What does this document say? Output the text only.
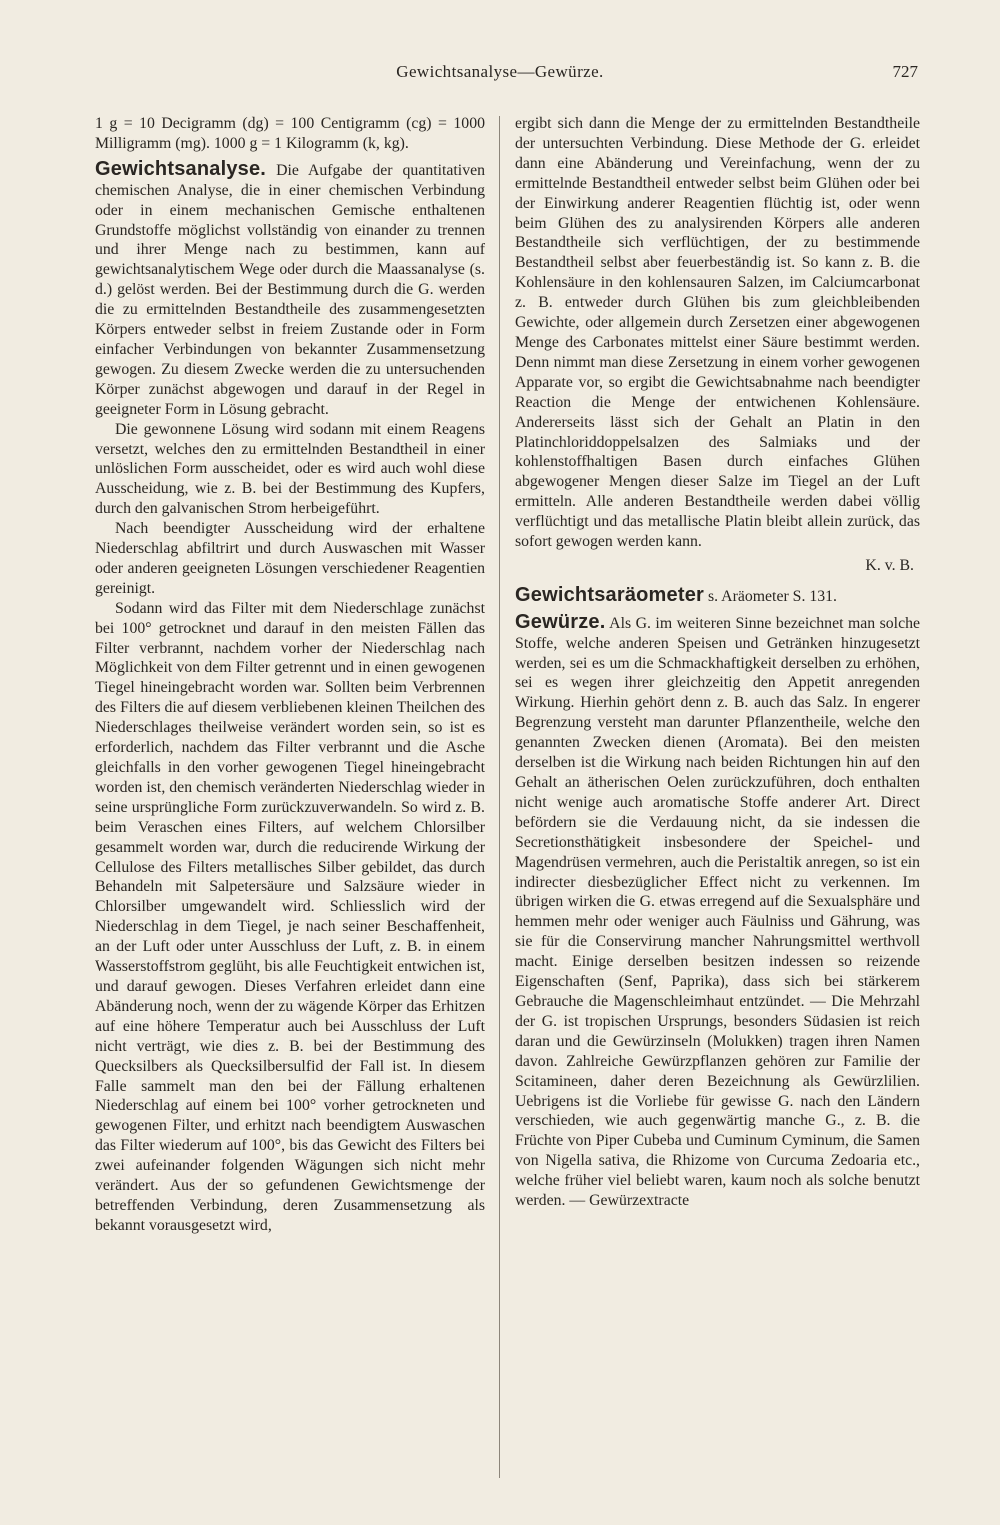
Gewichtsanalyse—Gewürze.	727

1 g = 10 Decigramm (dg) = 100 Centigramm (cg) = 1000 Milligramm (mg). 1000 g = 1 Kilogramm (k, kg).

Gewichtsanalyse. Die Aufgabe der quantitativen chemischen Analyse, die in einer chemischen Verbindung oder in einem mechanischen Gemische enthaltenen Grundstoffe möglichst vollständig von einander zu trennen und ihrer Menge nach zu bestimmen, kann auf gewichtsanalytischem Wege oder durch die Maassanalyse (s. d.) gelöst werden. Bei der Bestimmung durch die G. werden die zu ermittelnden Bestandtheile des zusammengesetzten Körpers entweder selbst in freiem Zustande oder in Form einfacher Verbindungen von bekannter Zusammensetzung gewogen. Zu diesem Zwecke werden die zu untersuchenden Körper zunächst abgewogen und darauf in der Regel in geeigneter Form in Lösung gebracht.

Die gewonnene Lösung wird sodann mit einem Reagens versetzt, welches den zu ermittelnden Bestandtheil in einer unlöslichen Form ausscheidet, oder es wird auch wohl diese Ausscheidung, wie z. B. bei der Bestimmung des Kupfers, durch den galvanischen Strom herbeigeführt.

Nach beendigter Ausscheidung wird der erhaltene Niederschlag abfiltrirt und durch Auswaschen mit Wasser oder anderen geeigneten Lösungen verschiedener Reagentien gereinigt.

Sodann wird das Filter mit dem Niederschlage zunächst bei 100° getrocknet und darauf in den meisten Fällen das Filter verbrannt, nachdem vorher der Niederschlag nach Möglichkeit von dem Filter getrennt und in einen gewogenen Tiegel hineingebracht worden war. Sollten beim Verbrennen des Filters die auf diesem verbliebenen kleinen Theilchen des Niederschlages theilweise verändert worden sein, so ist es erforderlich, nachdem das Filter verbrannt und die Asche gleichfalls in den vorher gewogenen Tiegel hineingebracht worden ist, den chemisch veränderten Niederschlag wieder in seine ursprüngliche Form zurückzuverwandeln. So wird z. B. beim Veraschen eines Filters, auf welchem Chlorsilber gesammelt worden war, durch die reducirende Wirkung der Cellulose des Filters metallisches Silber gebildet, das durch Behandeln mit Salpetersäure und Salzsäure wieder in Chlorsilber umgewandelt wird. Schliesslich wird der Niederschlag in dem Tiegel, je nach seiner Beschaffenheit, an der Luft oder unter Ausschluss der Luft, z. B. in einem Wasserstoffstrom geglüht, bis alle Feuchtigkeit entwichen ist, und darauf gewogen. Dieses Verfahren erleidet dann eine Abänderung noch, wenn der zu wägende Körper das Erhitzen auf eine höhere Temperatur auch bei Ausschluss der Luft nicht verträgt, wie dies z. B. bei der Bestimmung des Quecksilbers als Quecksilbersulfid der Fall ist. In diesem Falle sammelt man den bei der Fällung erhaltenen Niederschlag auf einem bei 100° vorher getrockneten und gewogenen Filter, und erhitzt nach beendigtem Auswaschen das Filter wiederum auf 100°, bis das Gewicht des Filters bei zwei aufeinander folgenden Wägungen sich nicht mehr verändert. Aus der so gefundenen Gewichtsmenge der betreffenden Verbindung, deren Zusammensetzung als bekannt vorausgesetzt wird,

ergibt sich dann die Menge der zu ermittelnden Bestandtheile der untersuchten Verbindung. Diese Methode der G. erleidet dann eine Abänderung und Vereinfachung, wenn der zu ermittelnde Bestandtheil entweder selbst beim Glühen oder bei der Einwirkung anderer Reagentien flüchtig ist, oder wenn beim Glühen des zu analysirenden Körpers alle anderen Bestandtheile sich verflüchtigen, der zu bestimmende Bestandtheil selbst aber feuerbeständig ist. So kann z. B. die Kohlensäure in den kohlensauren Salzen, im Calciumcarbonat z. B. entweder durch Glühen bis zum gleichbleibenden Gewichte, oder allgemein durch Zersetzen einer abgewogenen Menge des Carbonates mittelst einer Säure bestimmt werden. Denn nimmt man diese Zersetzung in einem vorher gewogenen Apparate vor, so ergibt die Gewichtsabnahme nach beendigter Reaction die Menge der entwichenen Kohlensäure. Andererseits lässt sich der Gehalt an Platin in den Platinchloriddoppelsalzen des Salmiaks und der kohlenstoffhaltigen Basen durch einfaches Glühen abgewogener Mengen dieser Salze im Tiegel an der Luft ermitteln. Alle anderen Bestandtheile werden dabei völlig verflüchtigt und das metallische Platin bleibt allein zurück, das sofort gewogen werden kann.

K. v. B.

Gewichtsaräometer s. Aräometer S. 131.

Gewürze. Als G. im weiteren Sinne bezeichnet man solche Stoffe, welche anderen Speisen und Getränken hinzugesetzt werden, sei es um die Schmackhaftigkeit derselben zu erhöhen, sei es wegen ihrer gleichzeitig den Appetit anregenden Wirkung. Hierhin gehört denn z. B. auch das Salz. In engerer Begrenzung versteht man darunter Pflanzentheile, welche den genannten Zwecken dienen (Aromata). Bei den meisten derselben ist die Wirkung nach beiden Richtungen hin auf den Gehalt an ätherischen Oelen zurückzuführen, doch enthalten nicht wenige auch aromatische Stoffe anderer Art. Direct befördern sie die Verdauung nicht, da sie indessen die Secretionsthätigkeit insbesondere der Speichel- und Magendrüsen vermehren, auch die Peristaltik anregen, so ist ein indirecter diesbezüglicher Effect nicht zu verkennen. Im übrigen wirken die G. etwas erregend auf die Sexualsphäre und hemmen mehr oder weniger auch Fäulniss und Gährung, was sie für die Conservirung mancher Nahrungsmittel werthvoll macht. Einige derselben besitzen indessen so reizende Eigenschaften (Senf, Paprika), dass sich bei stärkerem Gebrauche die Magenschleimhaut entzündet. — Die Mehrzahl der G. ist tropischen Ursprungs, besonders Südasien ist reich daran und die Gewürzinseln (Molukken) tragen ihren Namen davon. Zahlreiche Gewürzpflanzen gehören zur Familie der Scitamineen, daher deren Bezeichnung als Gewürzlilien. Uebrigens ist die Vorliebe für gewisse G. nach den Ländern verschieden, wie auch gegenwärtig manche G., z. B. die Früchte von Piper Cubeba und Cuminum Cyminum, die Samen von Nigella sativa, die Rhizome von Curcuma Zedoaria etc., welche früher viel beliebt waren, kaum noch als solche benutzt werden. — Gewürzextracte
